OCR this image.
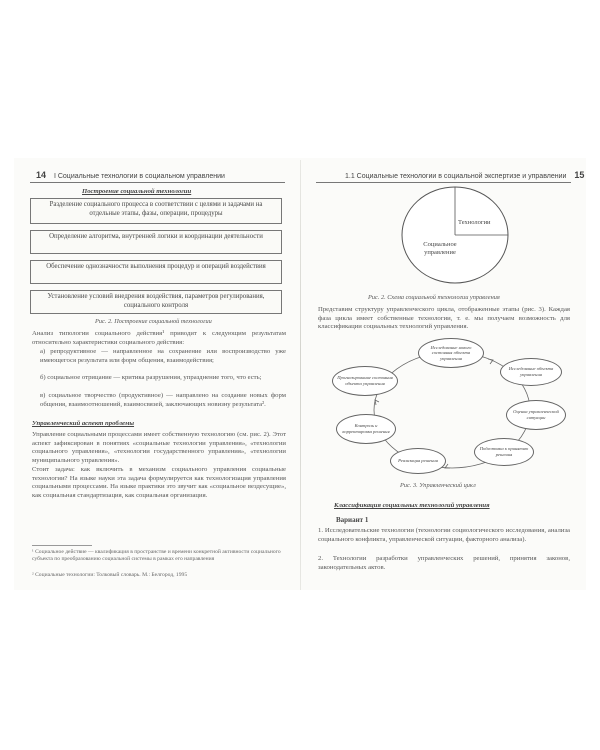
14 I Социальные технологии в социальном управлении
Построение социальной технологии
Разделение социального процесса в соответствии с целями и задачами на отдельные этапы, фазы, операции, процедуры
Определение алгоритма, внутренней логики и координации деятельности
Обеспечение однозначности выполнения процедур и операций воздействия
Установление условий внедрения воздействия, параметров регулирования, социального контроля
Рис. 2. Построение социальной технологии
Анализ типологии социального действия¹ приводит к следующим результатам относительно характеристики социального действия:
а) репродуктивное — направленное на сохранение или воспроизводство уже имеющегося результата или форм общения, взаимодействия;
б) социальное отрицание — критика разрушения, упразднение того, что есть;
в) социальное творчество (продуктивное) — направлено на создание новых форм общения, взаимоотношений, взаимосвязей, заключающих новизну результата².
Управленческий аспект проблемы
Управление социальными процессами имеет собственную технологию (см. рис. 2). Этот аспект зафиксирован в понятиях «социальные технологии управления», «технологии социального управления», «технологии государственного управления», «технологии муниципального управления».
Стоит задача: как включить в механизм социального управления социальные технологии? На языке науки эта задача формулируется как технологизация управления социальными процессами. На языке практики это звучит как «социальное вездесущие», как социальная стандартизация, как социальная организация.
¹ Социальное действие — квалификация в пространстве и времени конкретной активности социального субъекта по преобразованию социальной системы в рамках его направления
² Социальные технологии: Толковый словарь. М.: Белгород, 1995
1.1 Социальные технологии в социальной экспертизе и управлении 15
Технологии
Социальное управление
Рис. 2. Схема социальной технологии управления
Представим структуру управленческого цикла, отображенные этапы (рис. 3). Каждая фаза цикла имеет собственные технологии, т. е. мы получаем возможность для классификации социальных технологий управления.
Исследование нового состояния объекта управления
Исследование объекта управления
Оценка управленческой ситуации
Подготовка к принятию решения
Реализация решения
Контроль и корректировка решения
Прогнозирование состояния объекта управления
Рис. 3. Управленческий цикл
Классификация социальных технологий управления
Вариант 1
1. Исследовательские технологии (технологии социологического исследования, анализа социального конфликта, управленческой ситуации, факторного анализа).
2. Технологии разработки управленческих решений, принятия законов, законодательных актов.
